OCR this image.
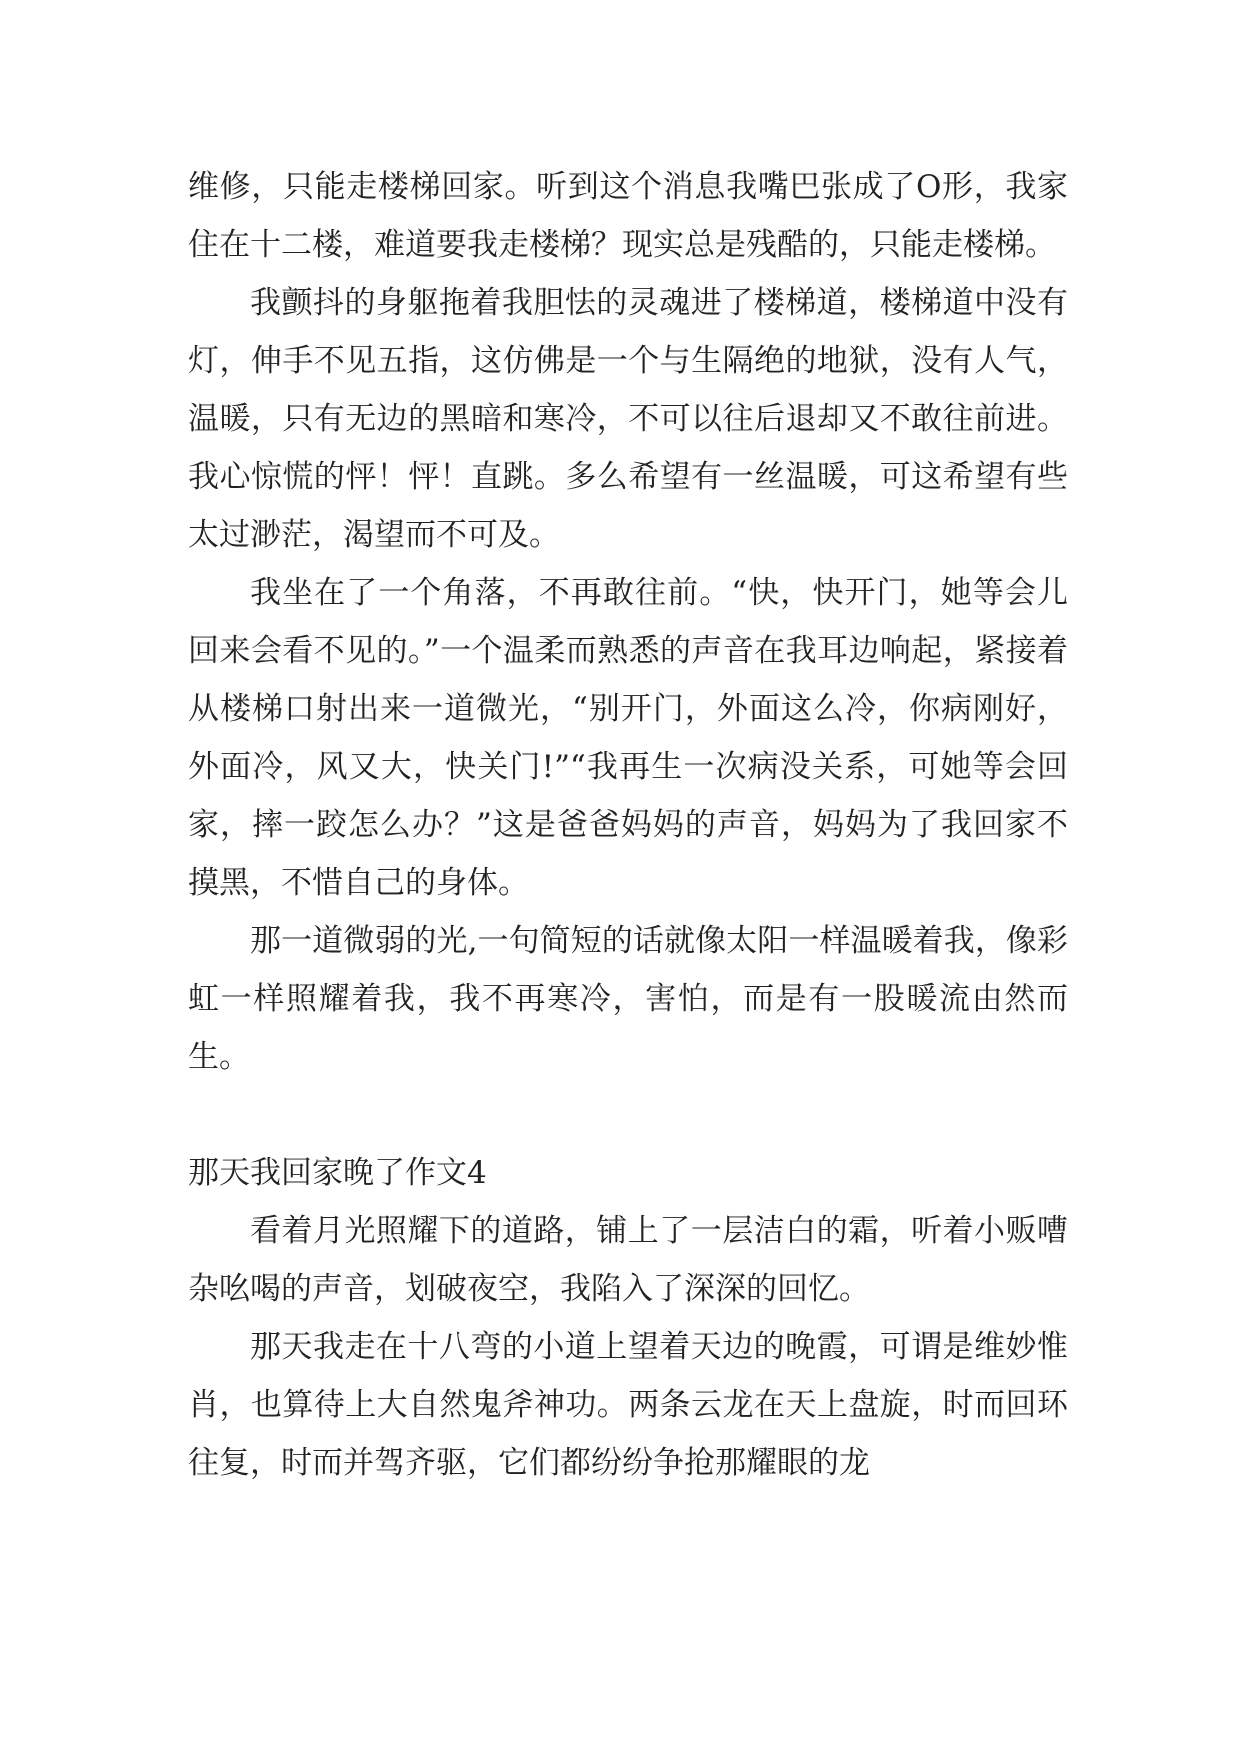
维修，只能走楼梯回家。听到这个消息我嘴巴张成了O形，我家住在十二楼，难道要我走楼梯？现实总是残酷的，只能走楼梯。

我颤抖的身躯拖着我胆怯的灵魂进了楼梯道，楼梯道中没有灯，伸手不见五指，这仿佛是一个与生隔绝的地狱，没有人气，温暖，只有无边的黑暗和寒冷，不可以往后退却又不敢往前进。我心惊慌的怦！怦！直跳。多么希望有一丝温暖，可这希望有些太过渺茫，渴望而不可及。

我坐在了一个角落，不再敢往前。“快，快开门，她等会儿回来会看不见的。”一个温柔而熟悉的声音在我耳边响起，紧接着从楼梯口射出来一道微光，“别开门，外面这么冷，你病刚好，外面冷，风又大，快关门!”“我再生一次病没关系，可她等会回家，摔一跤怎么办？”这是爸爸妈妈的声音，妈妈为了我回家不摸黑，不惜自己的身体。

那一道微弱的光,一句简短的话就像太阳一样温暖着我，像彩虹一样照耀着我，我不再寒冷，害怕，而是有一股暖流由然而生。

那天我回家晚了作文4

看着月光照耀下的道路，铺上了一层洁白的霜，听着小贩嘈杂吆喝的声音，划破夜空，我陷入了深深的回忆。

那天我走在十八弯的小道上望着天边的晚霞，可谓是维妙惟肖，也算待上大自然鬼斧神功。两条云龙在天上盘旋，时而回环往复，时而并驾齐驱，它们都纷纷争抢那耀眼的龙
